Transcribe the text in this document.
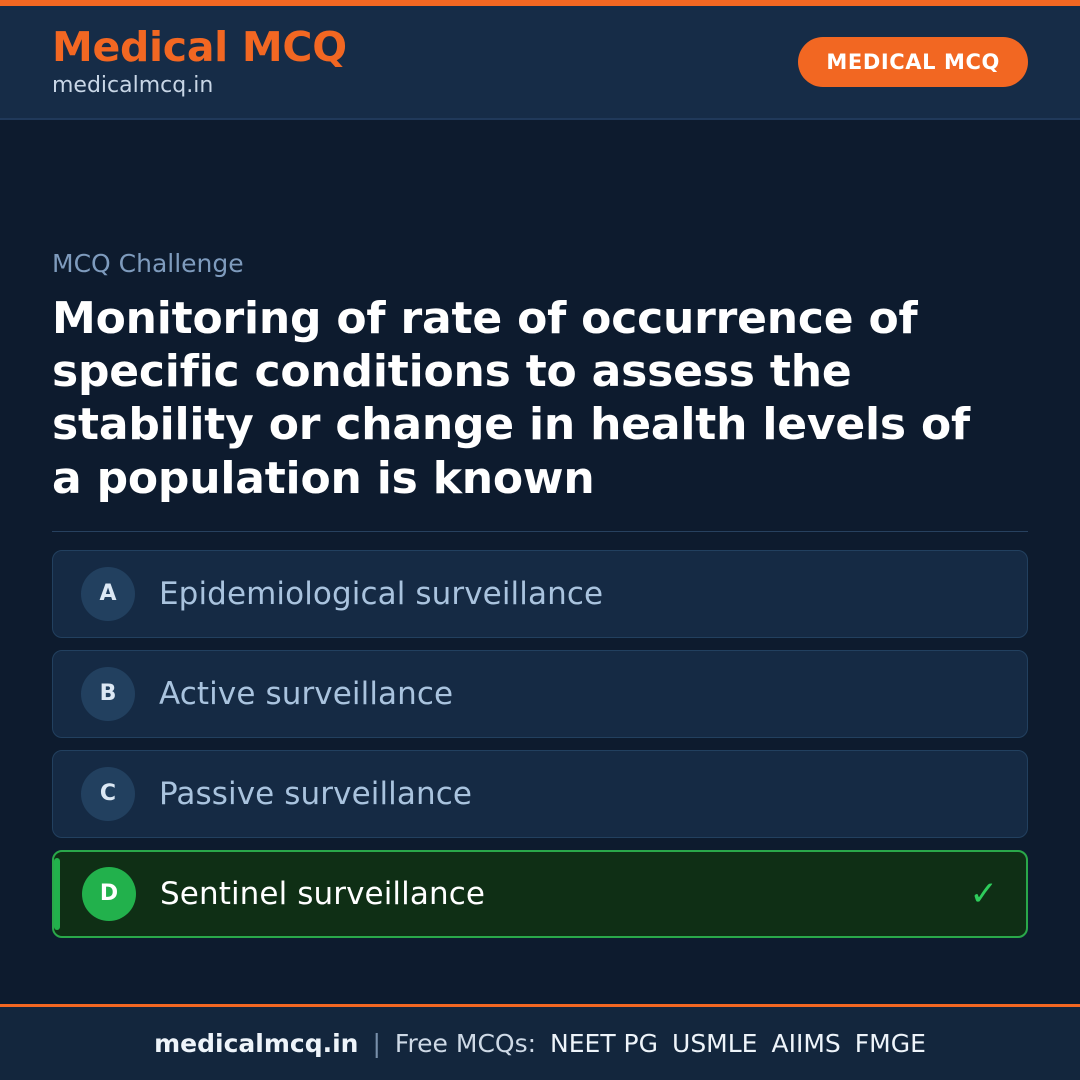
Medical MCQ
medicalmcq.in
MEDICAL MCQ
MCQ Challenge
Monitoring of rate of occurrence of specific conditions to assess the stability or change in health levels of a population is known
A	Epidemiological surveillance
B	Active surveillance
C	Passive surveillance
D	Sentinel surveillance	✓
medicalmcq.in | Free MCQs: NEET PG USMLE AIIMS FMGE
